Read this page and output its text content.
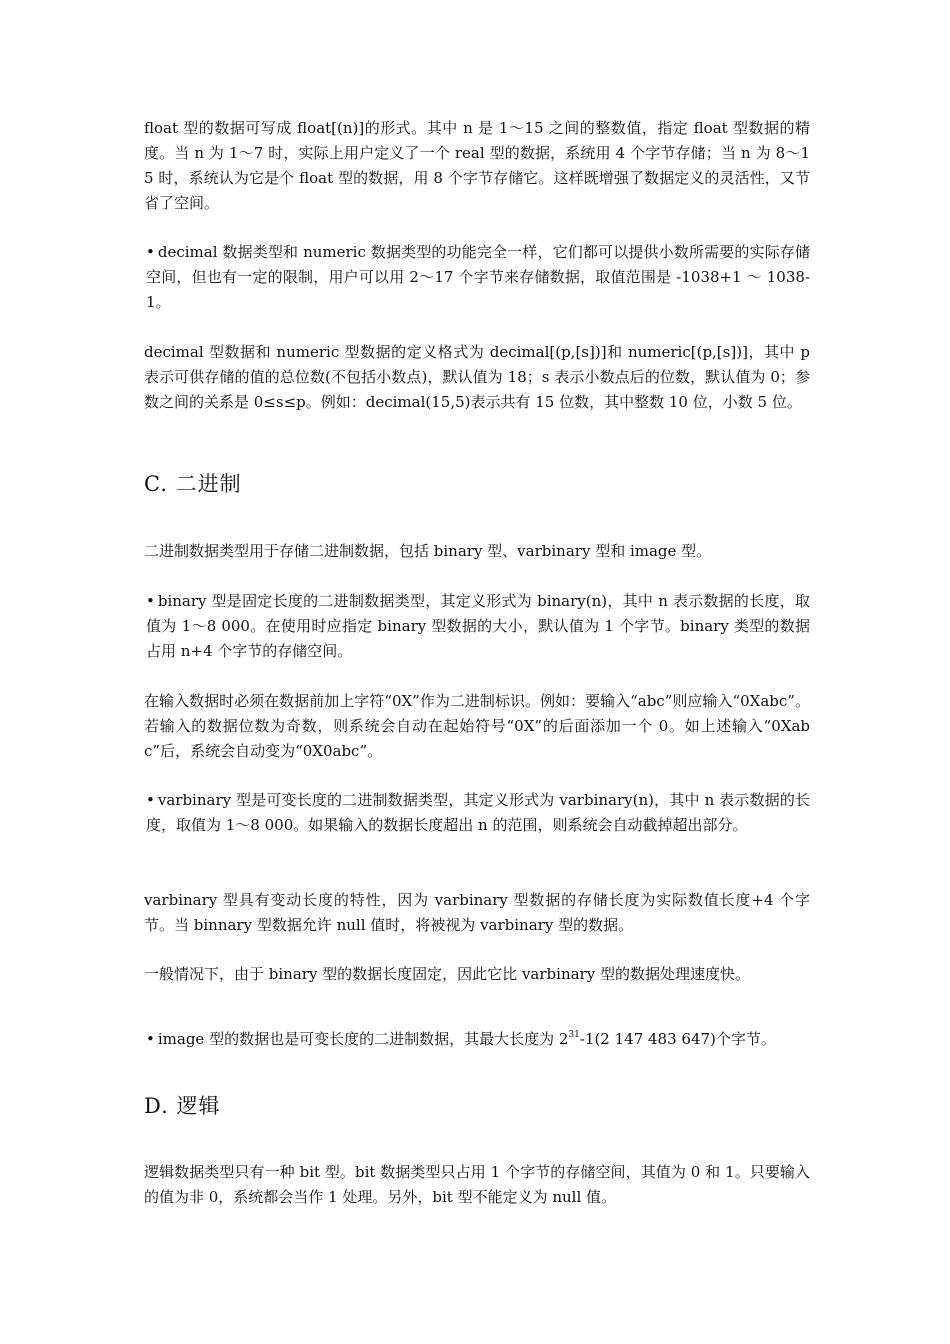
float 型的数据可写成 float[(n)]的形式。其中 n 是 1～15 之间的整数值，指定 float 型数据的精度。当 n 为 1～7 时，实际上用户定义了一个 real 型的数据，系统用 4 个字节存储；当 n 为 8～15 时，系统认为它是个 float 型的数据，用 8 个字节存储它。这样既增强了数据定义的灵活性，又节省了空间。

• decimal 数据类型和 numeric 数据类型的功能完全一样，它们都可以提供小数所需要的实际存储空间，但也有一定的限制，用户可以用 2～17 个字节来存储数据，取值范围是 -1038+1 ～ 1038-1。

decimal 型数据和 numeric 型数据的定义格式为 decimal[(p,[s])]和 numeric[(p,[s])]，其中 p 表示可供存储的值的总位数(不包括小数点)，默认值为 18；s 表示小数点后的位数，默认值为 0；参数之间的关系是 0≤s≤p。例如：decimal(15,5)表示共有 15 位数，其中整数 10 位，小数 5 位。

C. 二进制

二进制数据类型用于存储二进制数据，包括 binary 型、varbinary 型和 image 型。

• binary 型是固定长度的二进制数据类型，其定义形式为 binary(n)，其中 n 表示数据的长度，取值为 1～8 000。在使用时应指定 binary 型数据的大小，默认值为 1 个字节。binary 类型的数据占用 n+4 个字节的存储空间。

在输入数据时必须在数据前加上字符“0X”作为二进制标识。例如：要输入“abc”则应输入“0Xabc”。若输入的数据位数为奇数，则系统会自动在起始符号“0X”的后面添加一个 0。如上述输入“0Xabc”后，系统会自动变为“0X0abc”。

• varbinary 型是可变长度的二进制数据类型，其定义形式为 varbinary(n)，其中 n 表示数据的长度，取值为 1～8 000。如果输入的数据长度超出 n 的范围，则系统会自动截掉超出部分。

varbinary 型具有变动长度的特性，因为 varbinary 型数据的存储长度为实际数值长度+4 个字节。当 binnary 型数据允许 null 值时，将被视为 varbinary 型的数据。

一般情况下，由于 binary 型的数据长度固定，因此它比 varbinary 型的数据处理速度快。

• image 型的数据也是可变长度的二进制数据，其最大长度为 $2^{31}-1(2$ 147 483 647)个字节。

D. 逻辑

逻辑数据类型只有一种 bit 型。bit 数据类型只占用 1 个字节的存储空间，其值为 0 和 1。只要输入的值为非 0，系统都会当作 1 处理。另外，bit 型不能定义为 null 值。
